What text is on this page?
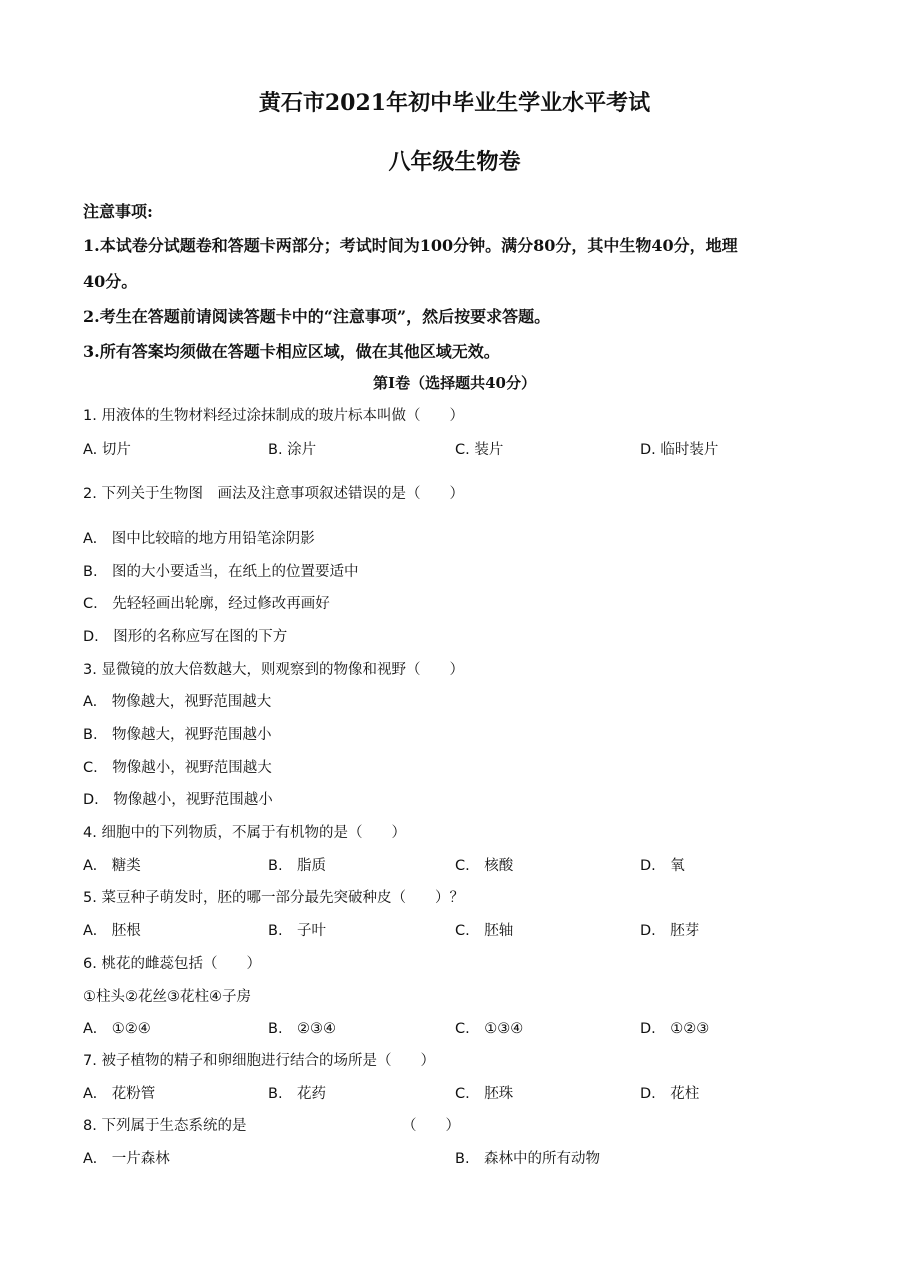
黄石市2021年初中毕业生学业水平考试
八年级生物卷
注意事项:
1.本试卷分试题卷和答题卡两部分；考试时间为100分钟。满分80分，其中生物40分，地理
40分。
2.考生在答题前请阅读答题卡中的“注意事项”，然后按要求答题。
3.所有答案均须做在答题卡相应区域，做在其他区域无效。
第Ⅰ卷（选择题共40分）
1. 用液体的生物材料经过涂抹制成的玻片标本叫做（　　）
A. 切片	B. 涂片	C. 装片	D. 临时装片
2. 下列关于生物图　画法及注意事项叙述错误的是（　　）
A.　图中比较暗的地方用铅笔涂阴影
B.　图的大小要适当，在纸上的位置要适中
C.　先轻轻画出轮廓，经过修改再画好
D.　图形的名称应写在图的下方
3. 显微镜的放大倍数越大，则观察到的物像和视野（　　）
A.　物像越大，视野范围越大
B.　物像越大，视野范围越小
C.　物像越小，视野范围越大
D.　物像越小，视野范围越小
4. 细胞中的下列物质，不属于有机物的是（　　）
A.　糖类	B.　脂质	C.　核酸	D.　氧
5. 菜豆种子萌发时，胚的哪一部分最先突破种皮（　　）？
A.　胚根	B.　子叶	C.　胚轴	D.　胚芽
6. 桃花的雌蕊包括（　　）
①柱头②花丝③花柱④子房
A.　①②④	B.　②③④	C.　①③④	D.　①②③
7. 被子植物的精子和卵细胞进行结合的场所是（　　）
A.　花粉管	B.　花药	C.　胚珠	D.　花柱
8. 下列属于生态系统的是	（　　）
A.　一片森林	B.　森林中的所有动物
